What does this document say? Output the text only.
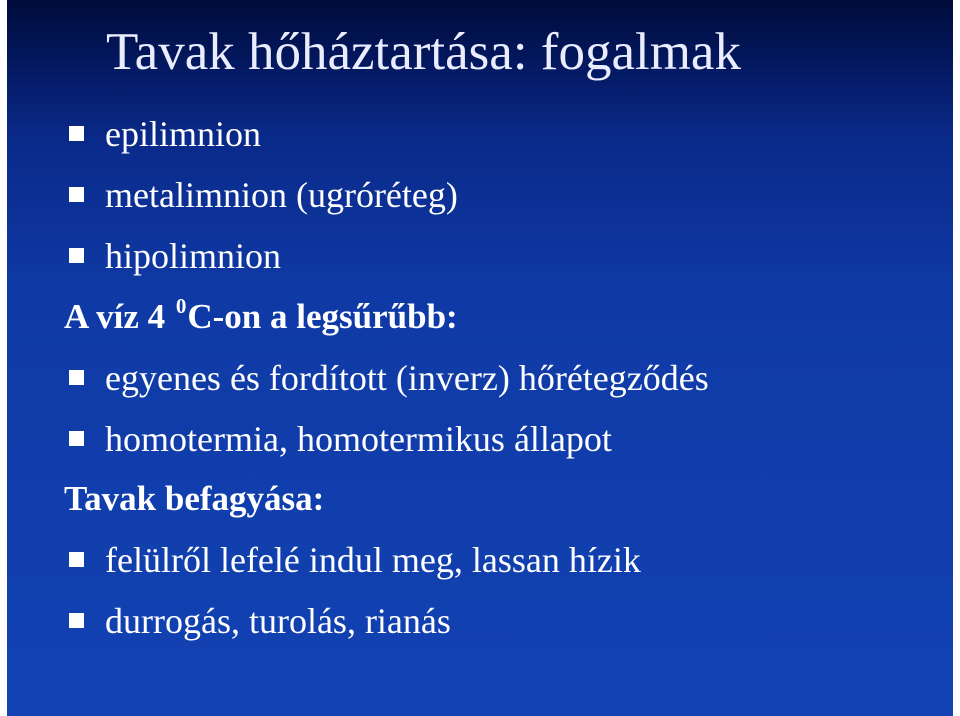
Tavak hőháztartása: fogalmak
epilimnion
metalimnion (ugróréteg)
hipolimnion
A víz 4 $^0$C-on a legsűrűbb:
egyenes és fordított (inverz) hőrétegződés
homotermia, homotermikus állapot
Tavak befagyása:
felülről lefelé indul meg, lassan hízik
durrogás, turolás, rianás
